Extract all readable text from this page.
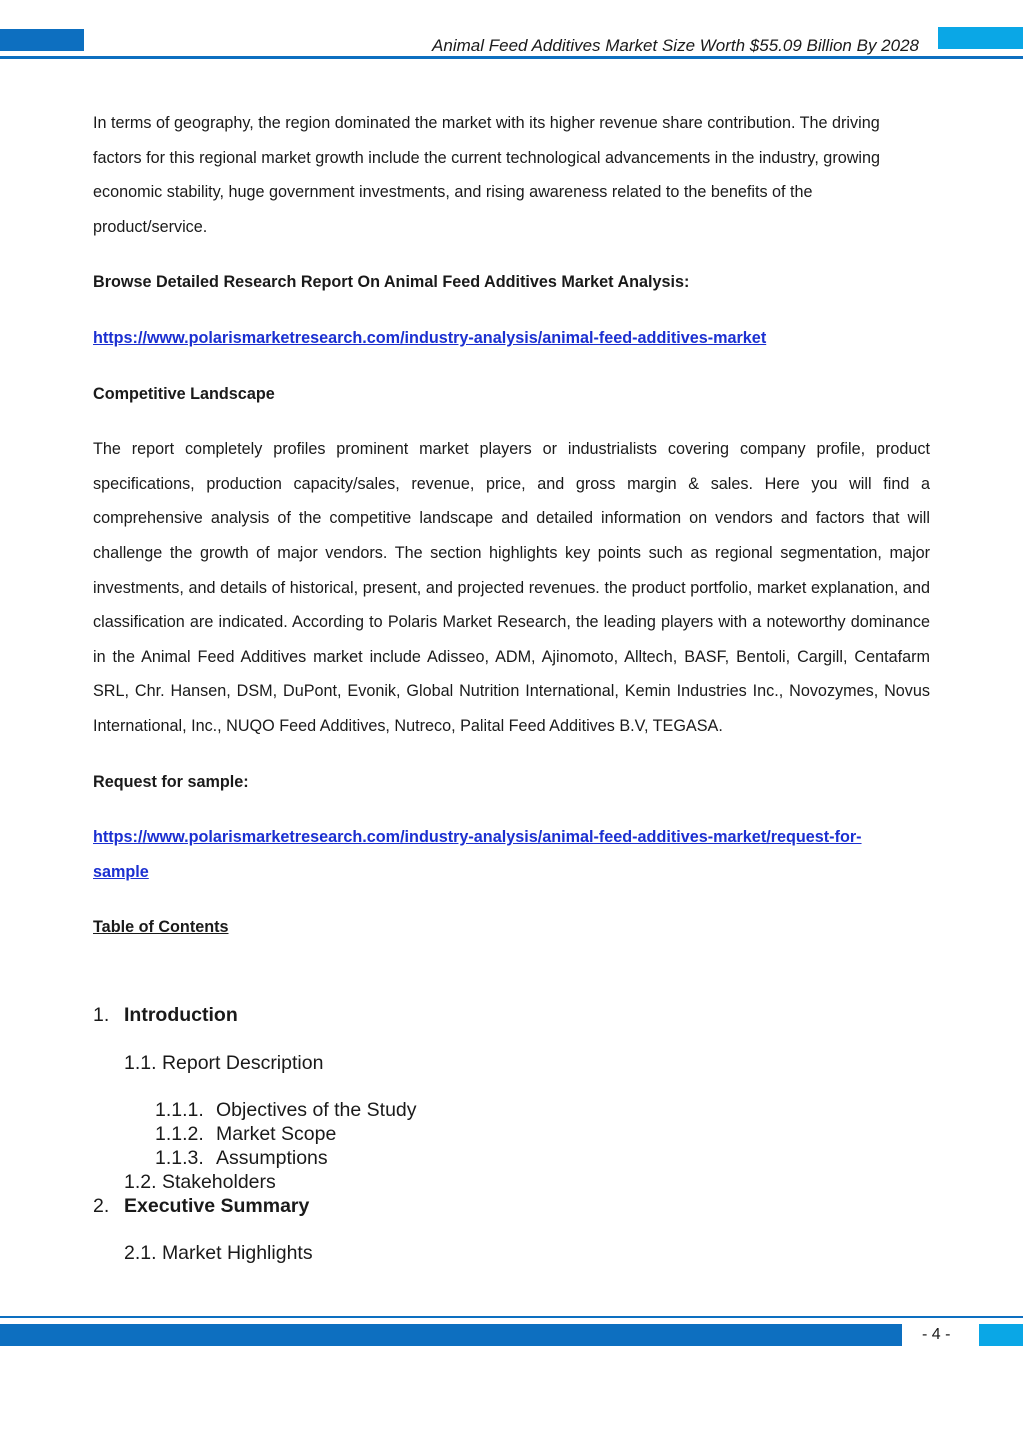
Animal Feed Additives Market Size Worth $55.09 Billion By 2028

In terms of geography, the region dominated the market with its higher revenue share contribution. The driving factors for this regional market growth include the current technological advancements in the industry, growing economic stability, huge government investments, and rising awareness related to the benefits of the product/service.

Browse Detailed Research Report On Animal Feed Additives Market Analysis:

https://www.polarismarketresearch.com/industry-analysis/animal-feed-additives-market

Competitive Landscape

The report completely profiles prominent market players or industrialists covering company profile, product specifications, production capacity/sales, revenue, price, and gross margin & sales. Here you will find a comprehensive analysis of the competitive landscape and detailed information on vendors and factors that will challenge the growth of major vendors. The section highlights key points such as regional segmentation, major investments, and details of historical, present, and projected revenues. the product portfolio, market explanation, and classification are indicated. According to Polaris Market Research, the leading players with a noteworthy dominance in the Animal Feed Additives market include Adisseo, ADM, Ajinomoto, Alltech, BASF, Bentoli, Cargill, Centafarm SRL, Chr. Hansen, DSM, DuPont, Evonik, Global Nutrition International, Kemin Industries Inc., Novozymes, Novus International, Inc., NUQO Feed Additives, Nutreco, Palital Feed Additives B.V, TEGASA.

Request for sample:

https://www.polarismarketresearch.com/industry-analysis/animal-feed-additives-market/request-for-
sample

Table of Contents

1. Introduction
1.1. Report Description
1.1.1. Objectives of the Study
1.1.2. Market Scope
1.1.3. Assumptions
1.2. Stakeholders
2. Executive Summary
2.1. Market Highlights
- 4 -
